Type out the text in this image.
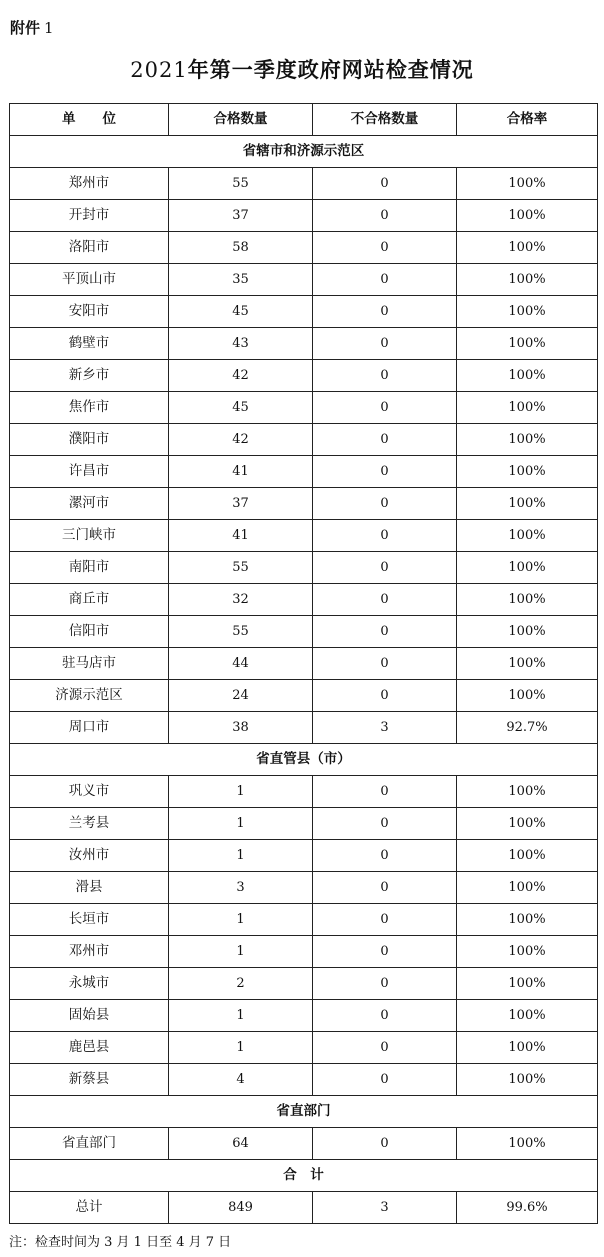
附件 1
2021年第一季度政府网站检查情况
单　　位	合格数量	不合格数量	合格率
省辖市和济源示范区			
郑州市	55	0	100%
开封市	37	0	100%
洛阳市	58	0	100%
平顶山市	35	0	100%
安阳市	45	0	100%
鹤壁市	43	0	100%
新乡市	42	0	100%
焦作市	45	0	100%
濮阳市	42	0	100%
许昌市	41	0	100%
漯河市	37	0	100%
三门峡市	41	0	100%
南阳市	55	0	100%
商丘市	32	0	100%
信阳市	55	0	100%
驻马店市	44	0	100%
济源示范区	24	0	100%
周口市	38	3	92.7%
省直管县（市）			
巩义市	1	0	100%
兰考县	1	0	100%
汝州市	1	0	100%
滑县	3	0	100%
长垣市	1	0	100%
邓州市	1	0	100%
永城市	2	0	100%
固始县	1	0	100%
鹿邑县	1	0	100%
新蔡县	4	0	100%
省直部门			
省直部门	64	0	100%
合　计			
总计	849	3	99.6%
注：检查时间为 3 月 1 日至 4 月 7 日
